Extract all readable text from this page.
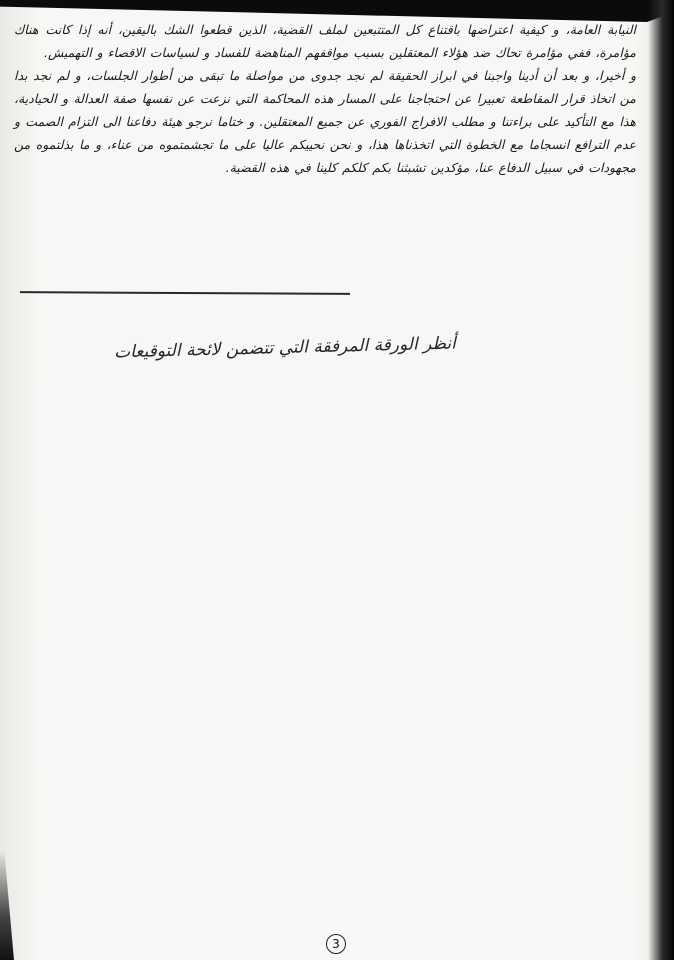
النيابة العامة، و كيفية اعتراضها باقتناع كل المتتبعين لملف القضية، الذين قطعوا الشك باليقين، أنه إذا كانت هناك مؤامرة، ففي مؤامرة تحاك ضد هؤلاء المعتقلين بسبب مواقفهم المناهضة للفساد و لسياسات الاقصاء و التهميش.

و أخيرا، و بعد أن أدينا واجبنا في ابراز الحقيقة لم نجد جدوى من مواصلة ما تبقى من أطوار الجلسات، و لم نجد بدا من اتخاذ قرار المقاطعة تعبيرا عن احتجاجنا على المسار هذه المحاكمة التي نزعت عن نفسها صفة العدالة و الحيادية، هذا مع التأكيد على براءتنا و مطلب الافراج الفوري عن جميع المعتقلين. و ختاما نرجو هيئة دفاعنا الى التزام الصمت و عدم الترافع انسجاما مع الخطوة التي اتخذناها هذا، و نحن نحييكم عاليا على ما تجشمتموه من عناء، و ما بذلتموه من مجهودات في سبيل الدفاع عنا، مؤكدين تشبثنا بكم كلكم كلينا في هذه القضية.

أنظر الورقة المرفقة التي تتضمن لائحة التوقيعات
3
